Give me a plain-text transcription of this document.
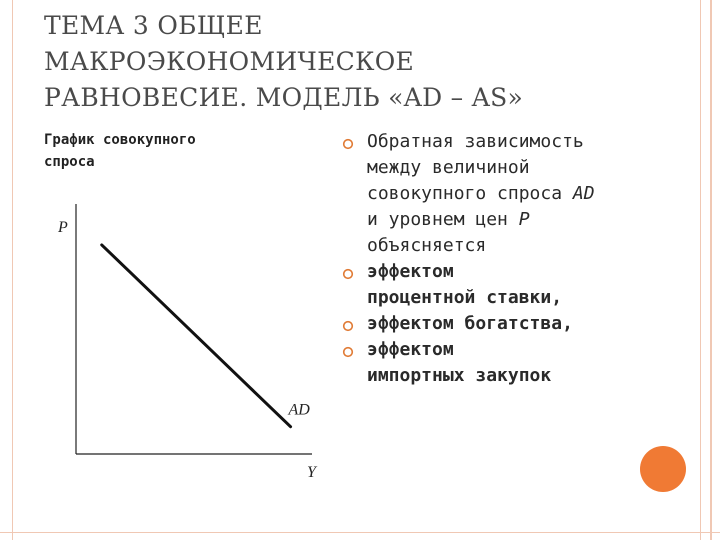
ТЕМА 3 ОБЩЕЕ
МАКРОЭКОНОМИЧЕСКОЕ
РАВНОВЕСИЕ. МОДЕЛЬ «AD – AS»
График совокупного
спроса
P
Y
AD
Обратная зависимость
между величиной
совокупного спроса AD
и уровнем цен P
объясняется
эффектом
процентной ставки,
эффектом богатства,
эффектом
импортных закупок
